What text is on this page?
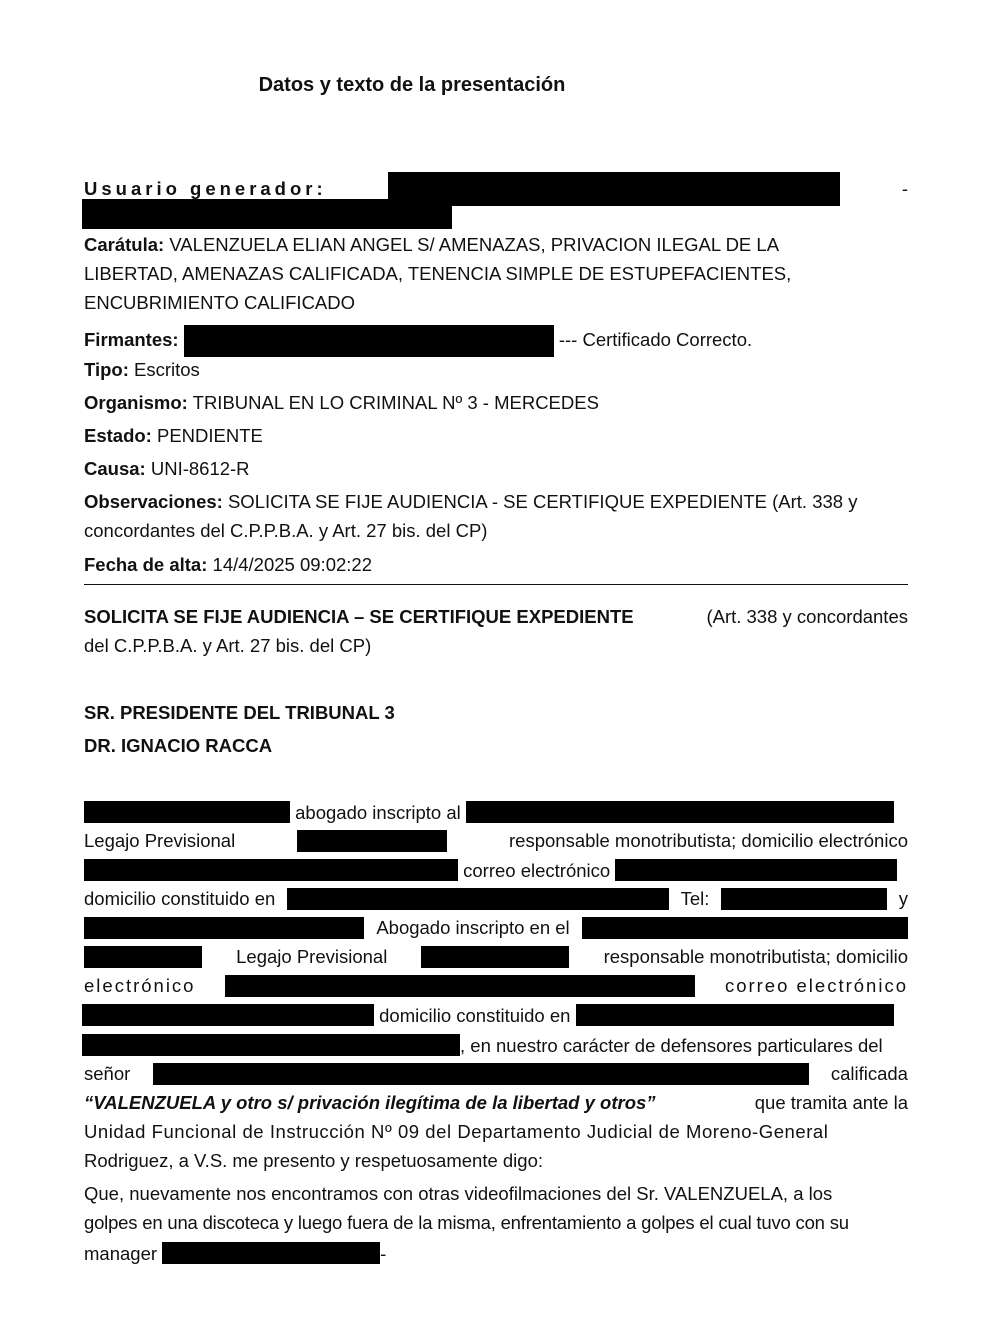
Datos y texto de la presentación
Usuario generador:	-
Carátula: VALENZUELA ELIAN ANGEL S/ AMENAZAS, PRIVACION ILEGAL DE LA
LIBERTAD, AMENAZAS CALIFICADA, TENENCIA SIMPLE DE ESTUPEFACIENTES,
ENCUBRIMIENTO CALIFICADO
Firmantes:	--- Certificado Correcto.
Tipo: Escritos
Organismo: TRIBUNAL EN LO CRIMINAL Nº 3 - MERCEDES
Estado: PENDIENTE
Causa: UNI-8612-R
Observaciones: SOLICITA SE FIJE AUDIENCIA - SE CERTIFIQUE EXPEDIENTE (Art. 338 y
concordantes del C.P.P.B.A. y Art. 27 bis. del CP)
Fecha de alta: 14/4/2025 09:02:22
SOLICITA SE FIJE AUDIENCIA – SE CERTIFIQUE EXPEDIENTE	(Art. 338 y concordantes
del C.P.P.B.A. y Art. 27 bis. del CP)
SR. PRESIDENTE DEL TRIBUNAL 3
DR. IGNACIO RACCA
abogado inscripto al
Legajo Previsional	responsable monotributista; domicilio electrónico
correo electrónico
domicilio constituido en	Tel:	y
Abogado inscripto en el
Legajo Previsional	responsable monotributista; domicilio
electrónico	correo electrónico
domicilio constituido en
, en nuestro carácter de defensores particulares del
señor	calificada
“VALENZUELA y otro s/ privación ilegítima de la libertad y otros”	que tramita ante la
Unidad Funcional de Instrucción Nº 09 del Departamento Judicial de Moreno-General
Rodriguez, a V.S. me presento y respetuosamente digo:
Que, nuevamente nos encontramos con otras videofilmaciones del Sr. VALENZUELA, a los
golpes en una discoteca y luego fuera de la misma, enfrentamiento a golpes el cual tuvo con su
manager	-
